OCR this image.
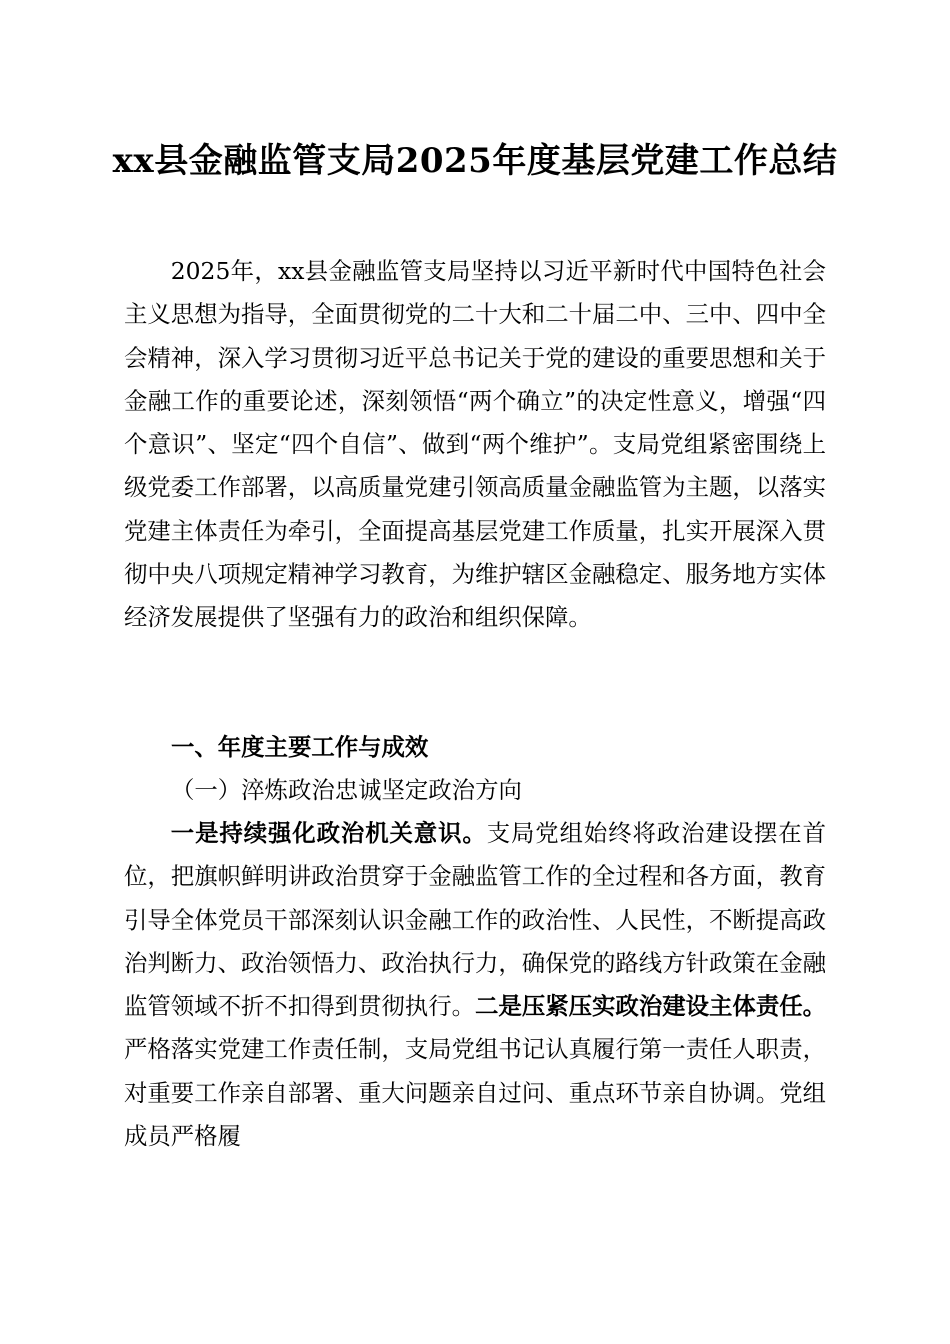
xx县金融监管支局2025年度基层党建工作总结

2025年，xx县金融监管支局坚持以习近平新时代中国特色社会主义思想为指导，全面贯彻党的二十大和二十届二中、三中、四中全会精神，深入学习贯彻习近平总书记关于党的建设的重要思想和关于金融工作的重要论述，深刻领悟“两个确立”的决定性意义，增强“四个意识”、坚定“四个自信”、做到“两个维护”。支局党组紧密围绕上级党委工作部署，以高质量党建引领高质量金融监管为主题，以落实党建主体责任为牵引，全面提高基层党建工作质量，扎实开展深入贯彻中央八项规定精神学习教育，为维护辖区金融稳定、服务地方实体经济发展提供了坚强有力的政治和组织保障。

一、年度主要工作与成效

（一）淬炼政治忠诚坚定政治方向

一是持续强化政治机关意识。支局党组始终将政治建设摆在首位，把旗帜鲜明讲政治贯穿于金融监管工作的全过程和各方面，教育引导全体党员干部深刻认识金融工作的政治性、人民性，不断提高政治判断力、政治领悟力、政治执行力，确保党的路线方针政策在金融监管领域不折不扣得到贯彻执行。二是压紧压实政治建设主体责任。严格落实党建工作责任制，支局党组书记认真履行第一责任人职责，对重要工作亲自部署、重大问题亲自过问、重点环节亲自协调。党组成员严格履
